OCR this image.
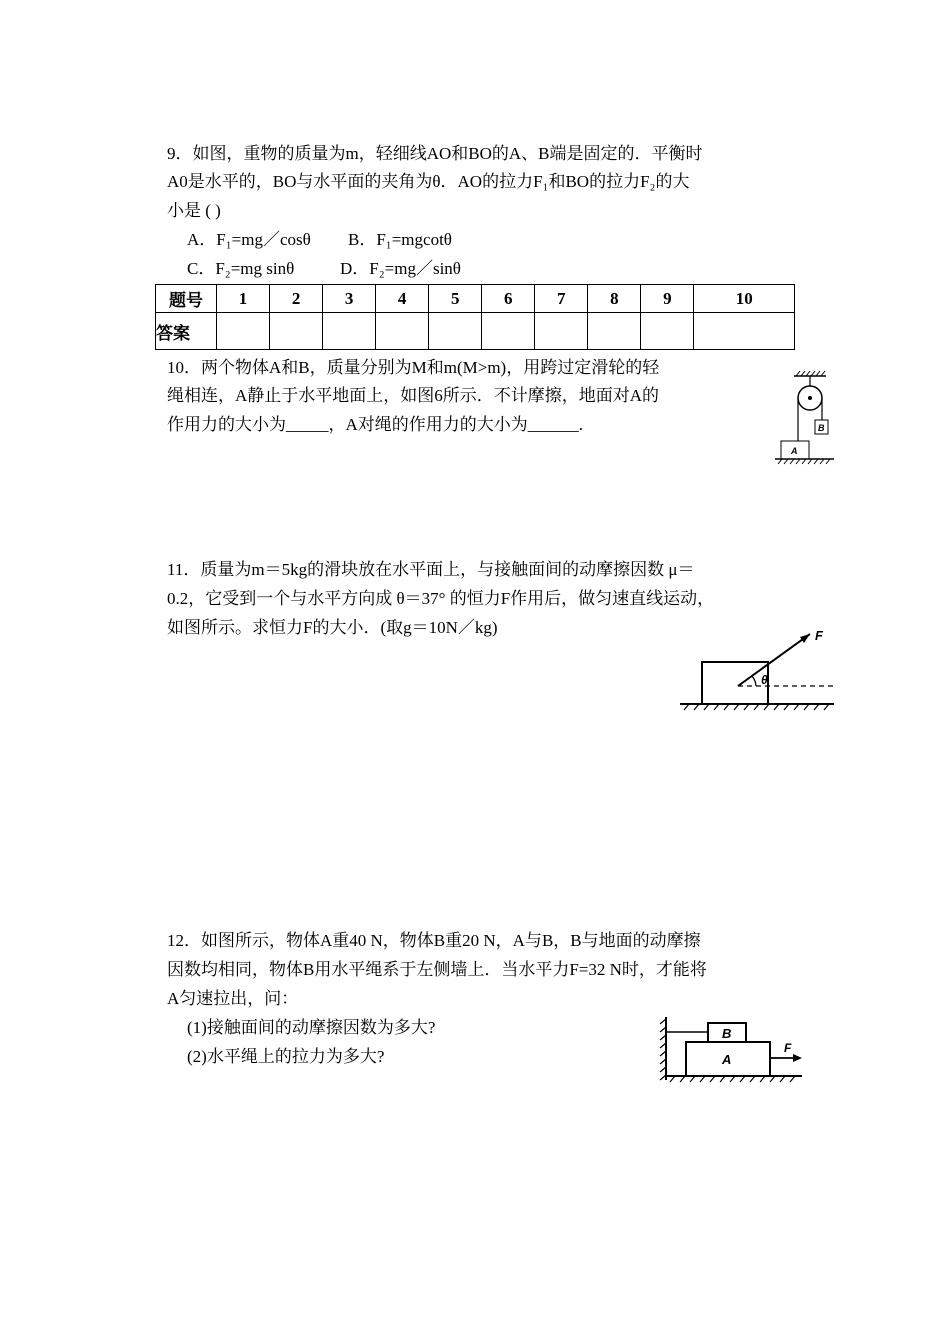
9．如图，重物的质量为m，轻细线AO和BO的A、B端是固定的．平衡时
A0是水平的，BO与水平面的夹角为θ．AO的拉力F₁和BO的拉力F₂的大
小是 ( )
A．F₁=mg／cosθ B．F₁=mgcotθ
C．F₂=mg sinθ	D．F₂=mg／sinθ
题号	1	2	3	4	5	6	7	8	9	10
答案										
10．两个物体A和B，质量分别为M和m(M>m)，用跨过定滑轮的轻
绳相连，A静止于水平地面上，如图6所示．不计摩擦，地面对A的
作用力的大小为_____，A对绳的作用力的大小为______.	B
A
11．质量为m＝5kg的滑块放在水平面上，与接触面间的动摩擦因数 μ＝
0.2，它受到一个与水平方向成 θ＝37° 的恒力F作用后，做匀速直线运动，
如图所示。求恒力F的大小．(取g＝10N／kg)	F
θ
12．如图所示，物体A重40 N，物体B重20 N，A与B，B与地面的动摩擦
因数均相同，物体B用水平绳系于左侧墙上．当水平力F=32 N时，才能将
A匀速拉出，问：
(1)接触面间的动摩擦因数为多大?
(2)水平绳上的拉力为多大?
B
A
F
